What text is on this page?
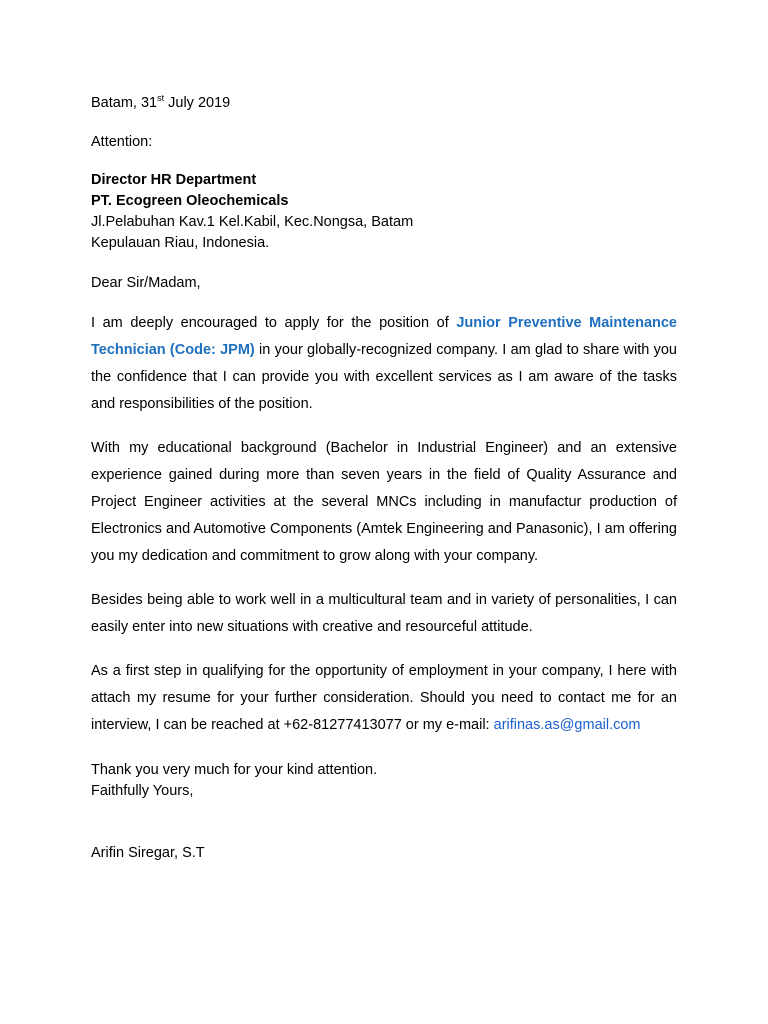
Batam, 31st July 2019
Attention:
Director HR Department
PT. Ecogreen Oleochemicals
Jl.Pelabuhan Kav.1 Kel.Kabil, Kec.Nongsa, Batam
Kepulauan Riau, Indonesia.
Dear Sir/Madam,
I am deeply encouraged to apply for the position of Junior Preventive Maintenance Technician (Code: JPM) in your globally-recognized company. I am glad to share with you the confidence that I can provide you with excellent services as I am aware of the tasks and responsibilities of the position.
With my educational background (Bachelor in Industrial Engineer) and an extensive experience gained during more than seven years in the field of Quality Assurance and Project Engineer activities at the several MNCs including in manufactur production of Electronics and Automotive Components (Amtek Engineering and Panasonic), I am offering you my dedication and commitment to grow along with your company.
Besides being able to work well in a multicultural team and in variety of personalities, I can easily enter into new situations with creative and resourceful attitude.
As a first step in qualifying for the opportunity of employment in your company, I here with attach my resume for your further consideration. Should you need to contact me for an interview, I can be reached at +62-81277413077 or my e-mail: arifinas.as@gmail.com
Thank you very much for your kind attention.
Faithfully Yours,
Arifin Siregar, S.T
